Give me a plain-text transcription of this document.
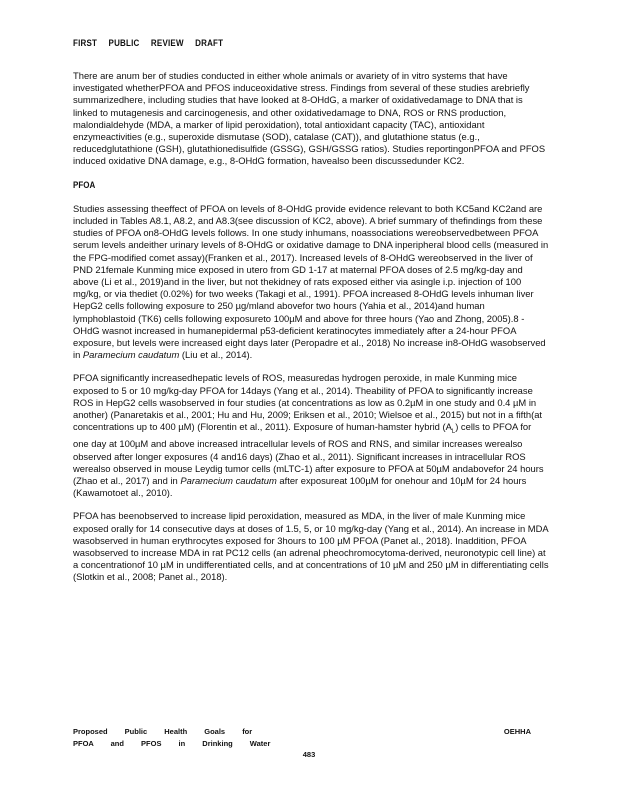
FIRST PUBLIC REVIEW DRAFT

There are anum ber of studies conducted in either whole animals or avariety of in vitro systems that have investigated whetherPFOA and PFOS induceoxidative stress. Findings from several of these studies arebriefly summarizedhere, including studies that have looked at 8-OHdG, a marker of oxidativedamage to DNA that is linked to mutagenesis and carcinogenesis, and other oxidativedamage to DNA, ROS or RNS production, malondialdehyde (MDA, a marker of lipid peroxidation), total antioxidant capacity (TAC), antioxidant enzymeactivities (e.g., superoxide dismutase (SOD), catalase (CAT)), and glutathione status (e.g., reducedglutathione (GSH), glutathionedisulfide (GSSG), GSH/GSSG ratios). Studies reportingonPFOA and PFOS induced oxidative DNA damage, e.g., 8-OHdG formation, havealso been discussedunder KC2.

PFOA

Studies assessing theeffect of PFOA on levels of 8-OHdG provide evidence relevant to both KC5and KC2and are included in Tables A8.1, A8.2, and A8.3(see discussion of KC2, above). A brief summary of thefindings from these studies of PFOA on8-OHdG levels follows. In one study inhumans, noassociations wereobservedbetween PFOA serum levels andeither urinary levels of 8-OHdG or oxidative damage to DNA inperipheral blood cells (measured in the FPG-modified comet assay)(Franken et al., 2017). Increased levels of 8-OHdG wereobserved in the liver of PND 21female Kunming mice exposed in utero from GD 1-17 at maternal PFOA doses of 2.5 mg/kg-day and above (Li et al., 2019)and in the liver, but not thekidney of rats exposed either via asingle i.p. injection of 100 mg/kg, or via thediet (0.02%) for two weeks (Takagi et al., 1991). PFOA increased 8-OHdG levels inhuman liver HepG2 cells following exposure to 250 µg/mland abovefor two hours (Yahia et al., 2014)and human lymphoblastoid (TK6) cells following exposureto 100µM and above for three hours (Yao and Zhong, 2005).8 -OHdG wasnot increased in humanepidermal p53-deficient keratinocytes immediately after a 24-hour PFOA exposure, but levels were increased eight days later (Peropadre et al., 2018) No increase in8-OHdG wasobserved in Paramecium caudatum (Liu et al., 2014).

PFOA significantly increasedhepatic levels of ROS, measuredas hydrogen peroxide, in male Kunming mice exposed to 5 or 10 mg/kg-day PFOA for 14days (Yang et al., 2014). Theability of PFOA to significantly increase ROS in HepG2 cells wasobserved in four studies (at concentrations as low as 0.2µM in one study and 0.4 µM in another) (Panaretakis et al., 2001; Hu and Hu, 2009; Eriksen et al., 2010; Wielsoe et al., 2015) but not in a fifth(at concentrations up to 400 µM) (Florentin et al., 2011). Exposure of human-hamster hybrid $(A_L)$ cells to PFOA for one day at 100µM and above increased intracellular levels of ROS and RNS, and similar increases werealso observed after longer exposures (4 and16 days) (Zhao et al., 2011). Significant increases in intracellular ROS werealso observed in mouse Leydig tumor cells (mLTC-1) after exposure to PFOA at 50µM andabovefor 24 hours (Zhao et al., 2017) and in Paramecium caudatum after exposureat 100µM for onehour and 10µM for 24 hours (Kawamotoet al., 2010).

PFOA has beenobserved to increase lipid peroxidation, measured as MDA, in the liver of male Kunming mice exposed orally for 14 consecutive days at doses of 1.5, 5, or 10 mg/kg-day (Yang et al., 2014). An increase in MDA wasobserved in human erythrocytes exposed for 3hours to 100 µM PFOA (Panet al., 2018). Inaddition, PFOA wasobserved to increase MDA in rat PC12 cells (an adrenal pheochromocytoma-derived, neuronotypic cell line) at a concentrationof 10 µM in undifferentiated cells, and at concentrations of 10 µM and 250 µM in differentiating cells (Slotkin et al., 2008; Panet al., 2018).

Proposed Public Health Goals for
PFOA and PFOS in Drinking Water
OEHHA
483
